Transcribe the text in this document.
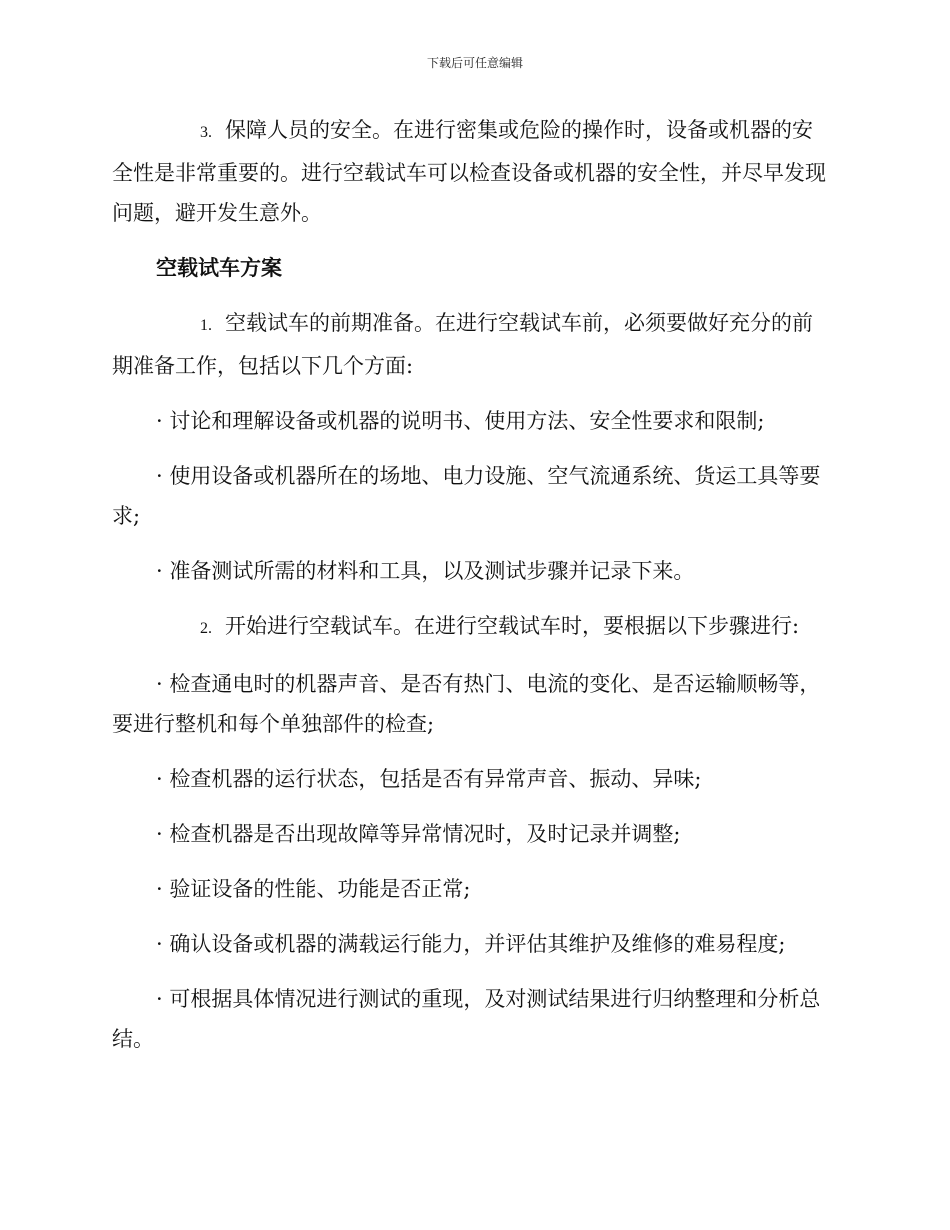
下载后可任意编辑

3. 保障人员的安全。在进行密集或危险的操作时，设备或机器的安全性是非常重要的。进行空载试车可以检查设备或机器的安全性，并尽早发现问题，避开发生意外。

空载试车方案

1. 空载试车的前期准备。在进行空载试车前，必须要做好充分的前期准备工作，包括以下几个方面:

· 讨论和理解设备或机器的说明书、使用方法、安全性要求和限制;

· 使用设备或机器所在的场地、电力设施、空气流通系统、货运工具等要求;

· 准备测试所需的材料和工具，以及测试步骤并记录下来。

2. 开始进行空载试车。在进行空载试车时，要根据以下步骤进行:

· 检查通电时的机器声音、是否有热门、电流的变化、是否运输顺畅等，要进行整机和每个单独部件的检查;

· 检查机器的运行状态，包括是否有异常声音、振动、异味;

· 检查机器是否出现故障等异常情况时，及时记录并调整;

· 验证设备的性能、功能是否正常;

· 确认设备或机器的满载运行能力，并评估其维护及维修的难易程度;

· 可根据具体情况进行测试的重现，及对测试结果进行归纳整理和分析总结。
